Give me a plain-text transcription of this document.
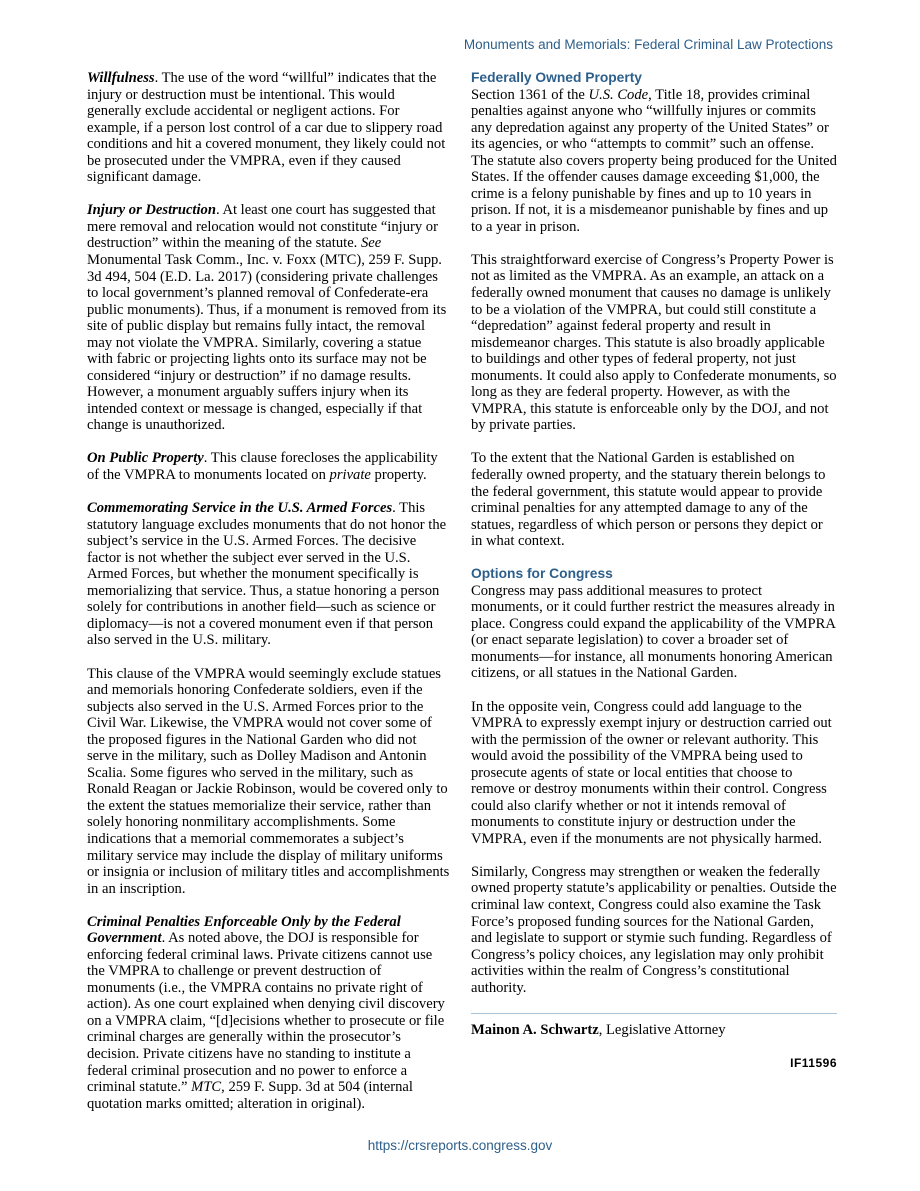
Monuments and Memorials: Federal Criminal Law Protections

Willfulness. The use of the word “willful” indicates that the injury or destruction must be intentional. This would generally exclude accidental or negligent actions. For example, if a person lost control of a car due to slippery road conditions and hit a covered monument, they likely could not be prosecuted under the VMPRA, even if they caused significant damage.

Injury or Destruction. At least one court has suggested that mere removal and relocation would not constitute “injury or destruction” within the meaning of the statute. See Monumental Task Comm., Inc. v. Foxx (MTC), 259 F. Supp. 3d 494, 504 (E.D. La. 2017) (considering private challenges to local government’s planned removal of Confederate-era public monuments). Thus, if a monument is removed from its site of public display but remains fully intact, the removal may not violate the VMPRA. Similarly, covering a statue with fabric or projecting lights onto its surface may not be considered “injury or destruction” if no damage results. However, a monument arguably suffers injury when its intended context or message is changed, especially if that change is unauthorized.

On Public Property. This clause forecloses the applicability of the VMPRA to monuments located on private property.

Commemorating Service in the U.S. Armed Forces. This statutory language excludes monuments that do not honor the subject’s service in the U.S. Armed Forces. The decisive factor is not whether the subject ever served in the U.S. Armed Forces, but whether the monument specifically is memorializing that service. Thus, a statue honoring a person solely for contributions in another field—such as science or diplomacy—is not a covered monument even if that person also served in the U.S. military.

This clause of the VMPRA would seemingly exclude statues and memorials honoring Confederate soldiers, even if the subjects also served in the U.S. Armed Forces prior to the Civil War. Likewise, the VMPRA would not cover some of the proposed figures in the National Garden who did not serve in the military, such as Dolley Madison and Antonin Scalia. Some figures who served in the military, such as Ronald Reagan or Jackie Robinson, would be covered only to the extent the statues memorialize their service, rather than solely honoring nonmilitary accomplishments. Some indications that a memorial commemorates a subject’s military service may include the display of military uniforms or insignia or inclusion of military titles and accomplishments in an inscription.

Criminal Penalties Enforceable Only by the Federal Government. As noted above, the DOJ is responsible for enforcing federal criminal laws. Private citizens cannot use the VMPRA to challenge or prevent destruction of monuments (i.e., the VMPRA contains no private right of action). As one court explained when denying civil discovery on a VMPRA claim, “[d]ecisions whether to prosecute or file criminal charges are generally within the prosecutor’s decision. Private citizens have no standing to institute a federal criminal prosecution and no power to enforce a criminal statute.” MTC, 259 F. Supp. 3d at 504 (internal quotation marks omitted; alteration in original).

Federally Owned Property

Section 1361 of the U.S. Code, Title 18, provides criminal penalties against anyone who “willfully injures or commits any depredation against any property of the United States” or its agencies, or who “attempts to commit” such an offense. The statute also covers property being produced for the United States. If the offender causes damage exceeding $1,000, the crime is a felony punishable by fines and up to 10 years in prison. If not, it is a misdemeanor punishable by fines and up to a year in prison.

This straightforward exercise of Congress’s Property Power is not as limited as the VMPRA. As an example, an attack on a federally owned monument that causes no damage is unlikely to be a violation of the VMPRA, but could still constitute a “depredation” against federal property and result in misdemeanor charges. This statute is also broadly applicable to buildings and other types of federal property, not just monuments. It could also apply to Confederate monuments, so long as they are federal property. However, as with the VMPRA, this statute is enforceable only by the DOJ, and not by private parties.

To the extent that the National Garden is established on federally owned property, and the statuary therein belongs to the federal government, this statute would appear to provide criminal penalties for any attempted damage to any of the statues, regardless of which person or persons they depict or in what context.

Options for Congress

Congress may pass additional measures to protect monuments, or it could further restrict the measures already in place. Congress could expand the applicability of the VMPRA (or enact separate legislation) to cover a broader set of monuments—for instance, all monuments honoring American citizens, or all statues in the National Garden.

In the opposite vein, Congress could add language to the VMPRA to expressly exempt injury or destruction carried out with the permission of the owner or relevant authority. This would avoid the possibility of the VMPRA being used to prosecute agents of state or local entities that choose to remove or destroy monuments within their control. Congress could also clarify whether or not it intends removal of monuments to constitute injury or destruction under the VMPRA, even if the monuments are not physically harmed.

Similarly, Congress may strengthen or weaken the federally owned property statute’s applicability or penalties. Outside the criminal law context, Congress could also examine the Task Force’s proposed funding sources for the National Garden, and legislate to support or stymie such funding. Regardless of Congress’s policy choices, any legislation may only prohibit activities within the realm of Congress’s constitutional authority.

Mainon A. Schwartz, Legislative Attorney

IF11596
https://crsreports.congress.gov
